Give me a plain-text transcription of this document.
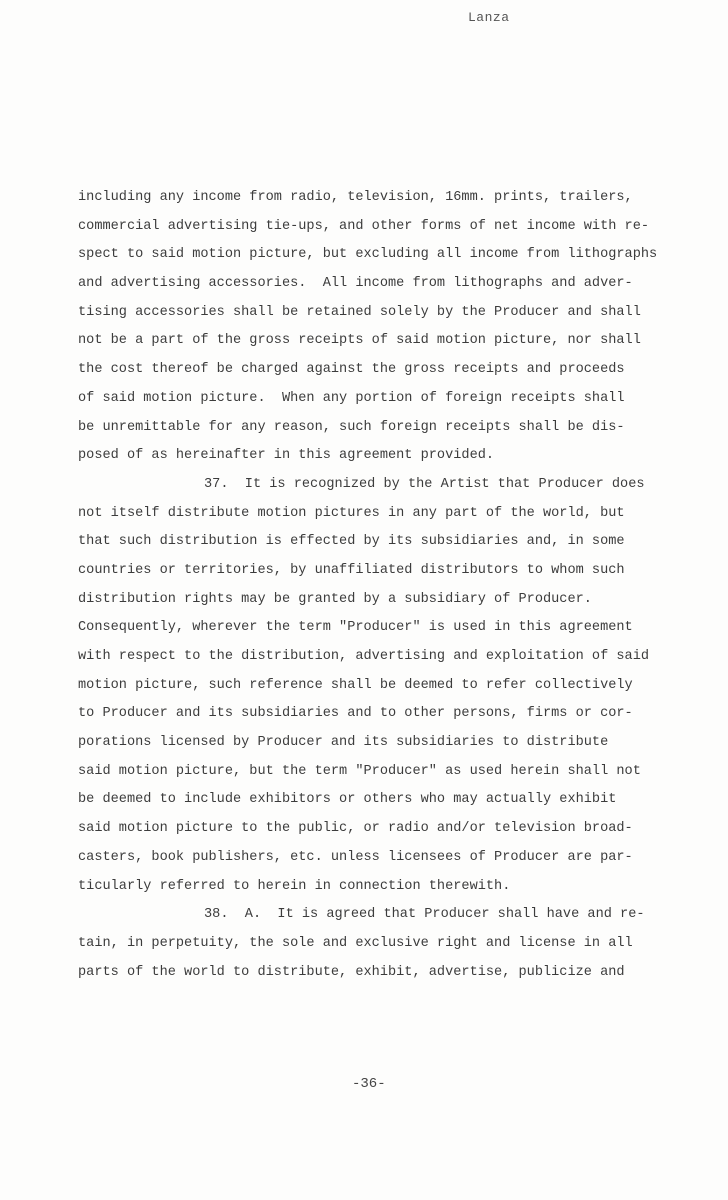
Lanza
including any income from radio, television, 16mm. prints, trailers,
commercial advertising tie-ups, and other forms of net income with re-
spect to said motion picture, but excluding all income from lithographs
and advertising accessories.  All income from lithographs and adver-
tising accessories shall be retained solely by the Producer and shall
not be a part of the gross receipts of said motion picture, nor shall
the cost thereof be charged against the gross receipts and proceeds
of said motion picture.  When any portion of foreign receipts shall
be unremittable for any reason, such foreign receipts shall be dis-
posed of as hereinafter in this agreement provided.
37.  It is recognized by the Artist that Producer does
not itself distribute motion pictures in any part of the world, but
that such distribution is effected by its subsidiaries and, in some
countries or territories, by unaffiliated distributors to whom such
distribution rights may be granted by a subsidiary of Producer.
Consequently, wherever the term "Producer" is used in this agreement
with respect to the distribution, advertising and exploitation of said
motion picture, such reference shall be deemed to refer collectively
to Producer and its subsidiaries and to other persons, firms or cor-
porations licensed by Producer and its subsidiaries to distribute
said motion picture, but the term "Producer" as used herein shall not
be deemed to include exhibitors or others who may actually exhibit
said motion picture to the public, or radio and/or television broad-
casters, book publishers, etc. unless licensees of Producer are par-
ticularly referred to herein in connection therewith.
38.  A.  It is agreed that Producer shall have and re-
tain, in perpetuity, the sole and exclusive right and license in all
parts of the world to distribute, exhibit, advertise, publicize and
-36-
